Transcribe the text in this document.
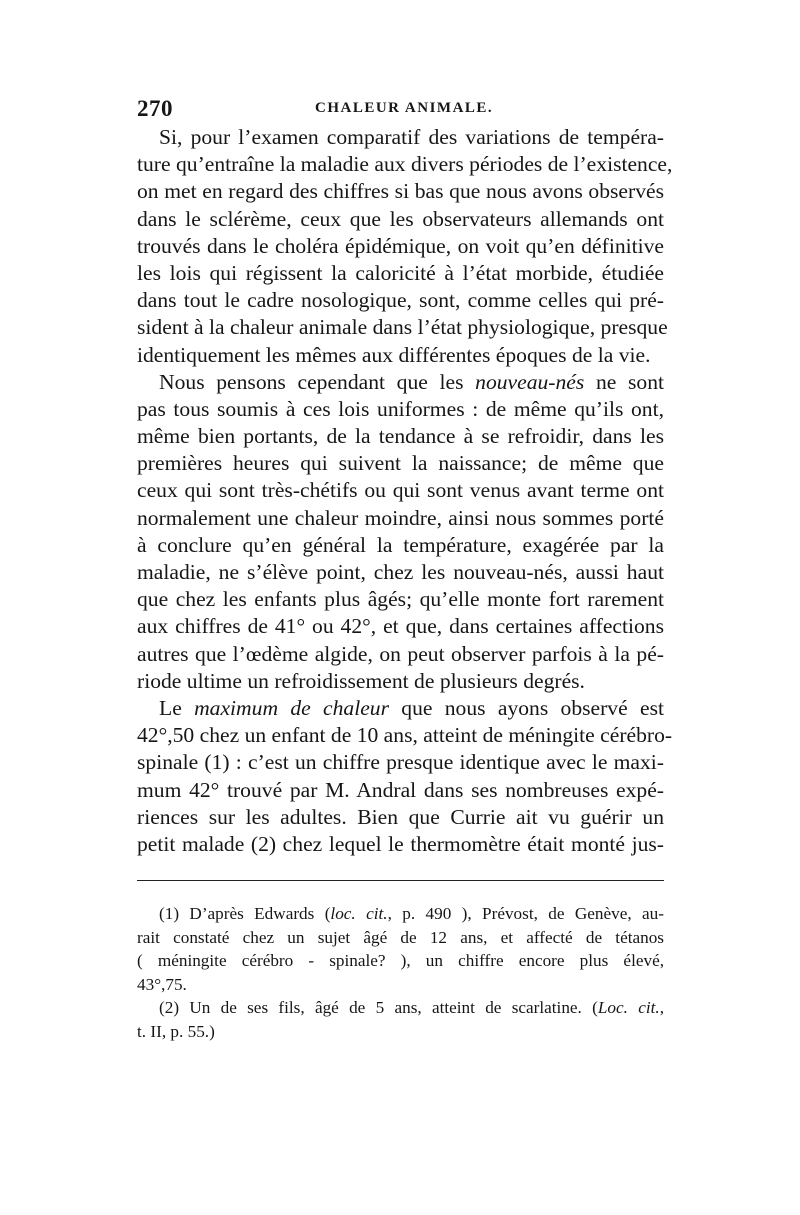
270	CHALEUR ANIMALE.
Si, pour l’examen comparatif des variations de tempéra-
ture qu’entraîne la maladie aux divers périodes de l’existence,
on met en regard des chiffres si bas que nous avons observés
dans le sclérème, ceux que les observateurs allemands ont
trouvés dans le choléra épidémique, on voit qu’en définitive
les lois qui régissent la caloricité à l’état morbide, étudiée
dans tout le cadre nosologique, sont, comme celles qui pré-
sident à la chaleur animale dans l’état physiologique, presque
identiquement les mêmes aux différentes époques de la vie.
Nous pensons cependant que les nouveau-nés ne sont
pas tous soumis à ces lois uniformes : de même qu’ils ont,
même bien portants, de la tendance à se refroidir, dans les
premières heures qui suivent la naissance; de même que
ceux qui sont très-chétifs ou qui sont venus avant terme ont
normalement une chaleur moindre, ainsi nous sommes porté
à conclure qu’en général la température, exagérée par la
maladie, ne s’élève point, chez les nouveau-nés, aussi haut
que chez les enfants plus âgés; qu’elle monte fort rarement
aux chiffres de 41° ou 42°, et que, dans certaines affections
autres que l’œdème algide, on peut observer parfois à la pé-
riode ultime un refroidissement de plusieurs degrés.
Le maximum de chaleur que nous ayons observé est
42°,50 chez un enfant de 10 ans, atteint de méningite cérébro-
spinale (1) : c’est un chiffre presque identique avec le maxi-
mum 42° trouvé par M. Andral dans ses nombreuses expé-
riences sur les adultes. Bien que Currie ait vu guérir un
petit malade (2) chez lequel le thermomètre était monté jus-
(1) D’après Edwards (loc. cit., p. 490 ), Prévost, de Genève, au-
rait constaté chez un sujet âgé de 12 ans, et affecté de tétanos
( méningite cérébro - spinale? ), un chiffre encore plus élevé,
43°,75.
(2) Un de ses fils, âgé de 5 ans, atteint de scarlatine. (Loc. cit.,
t. II, p. 55.)
